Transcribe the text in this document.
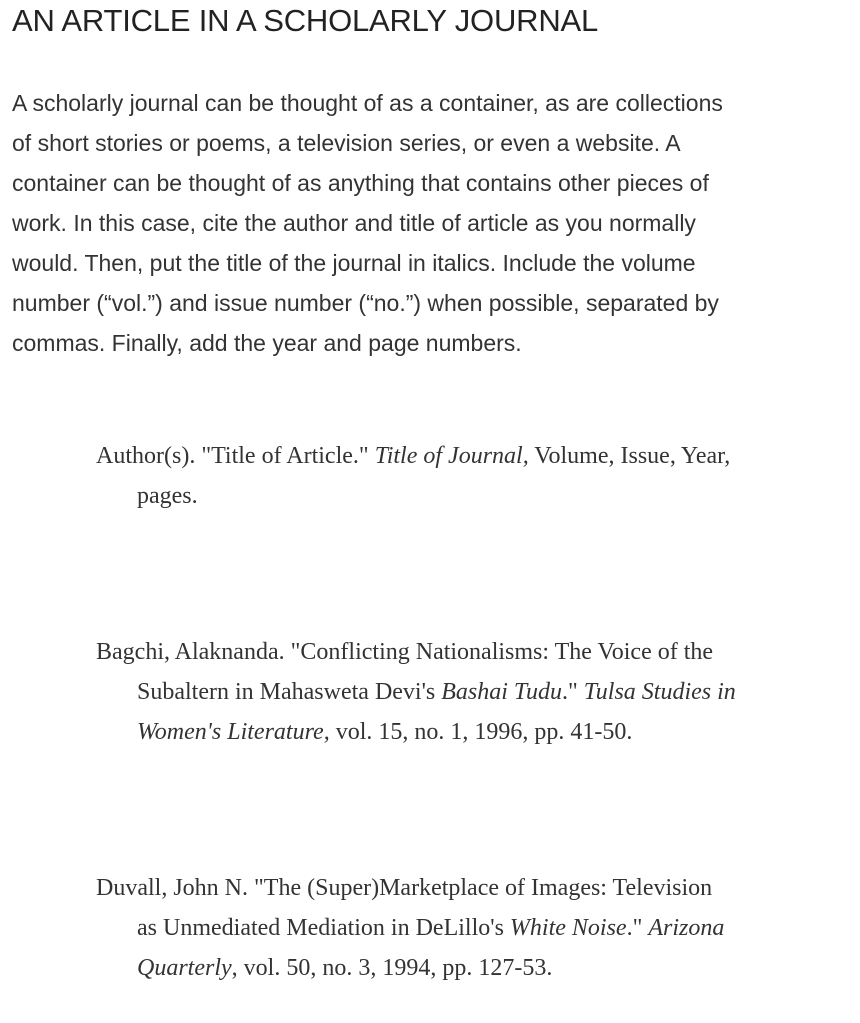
AN ARTICLE IN A SCHOLARLY JOURNAL

A scholarly journal can be thought of as a container, as are collections
of short stories or poems, a television series, or even a website. A
container can be thought of as anything that contains other pieces of
work. In this case, cite the author and title of article as you normally
would. Then, put the title of the journal in italics. Include the volume
number (“vol.”) and issue number (“no.”) when possible, separated by
commas. Finally, add the year and page numbers.

Author(s). "Title of Article." Title of Journal, Volume, Issue, Year,
pages.

Bagchi, Alaknanda. "Conflicting Nationalisms: The Voice of the
Subaltern in Mahasweta Devi's Bashai Tudu." Tulsa Studies in
Women's Literature, vol. 15, no. 1, 1996, pp. 41-50.

Duvall, John N. "The (Super)Marketplace of Images: Television
as Unmediated Mediation in DeLillo's White Noise." Arizona
Quarterly, vol. 50, no. 3, 1994, pp. 127-53.
